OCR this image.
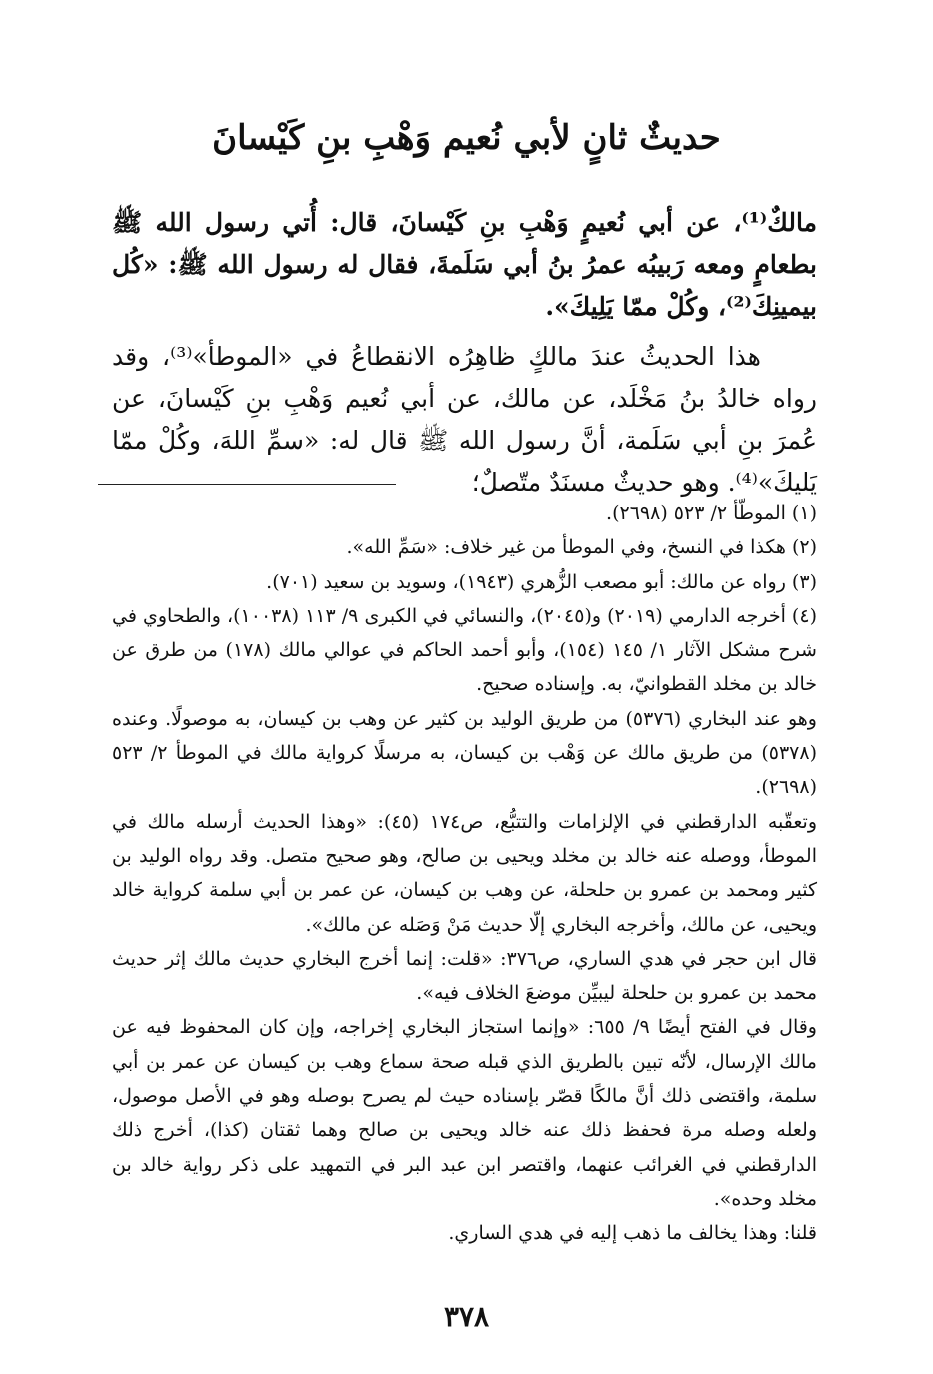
حديثٌ ثانٍ لأبي نُعيم وَهْبِ بنِ كَيْسانَ

مالكٌ⁽¹⁾، عن أبي نُعيمٍ وَهْبِ بنِ كَيْسانَ، قال: أُتي رسول الله ﷺ بطعامٍ ومعه رَبيبُه عمرُ بنُ أبي سَلَمةَ، فقال له رسول الله ﷺ: «كُل بيمينِكَ⁽²⁾، وكُلْ ممّا يَلِيكَ».

هذا الحديثُ عندَ مالكٍ ظاهِرُه الانقطاعُ في «الموطأ»⁽³⁾، وقد رواه خالدُ بنُ مَخْلَد، عن مالك، عن أبي نُعيم وَهْبِ بنِ كَيْسانَ، عن عُمرَ بنِ أبي سَلَمة، أنَّ رسول الله ﷺ قال له: «سمِّ اللهَ، وكُلْ ممّا يَليكَ»⁽⁴⁾. وهو حديثٌ مسنَدٌ متّصلٌ؛

(١) الموطّأ ٢/ ٥٢٣ (٢٦٩٨).

(٢) هكذا في النسخ، وفي الموطأ من غير خلاف: «سَمِّ الله».

(٣) رواه عن مالك: أبو مصعب الزُّهري (١٩٤٣)، وسويد بن سعيد (٧٠١).

(٤) أخرجه الدارمي (٢٠١٩) و(٢٠٤٥)، والنسائي في الكبرى ٩/ ١١٣ (١٠٠٣٨)، والطحاوي في شرح مشكل الآثار ١/ ١٤٥ (١٥٤)، وأبو أحمد الحاكم في عوالي مالك (١٧٨) من طرق عن خالد بن مخلد القطوانيّ، به. وإسناده صحيح.

وهو عند البخاري (٥٣٧٦) من طريق الوليد بن كثير عن وهب بن كيسان، به موصولًا. وعنده (٥٣٧٨) من طريق مالك عن وَهْب بن كيسان، به مرسلًا كرواية مالك في الموطأ ٢/ ٥٢٣ (٢٦٩٨).

وتعقّبه الدارقطني في الإلزامات والتتبُّع، ص١٧٤ (٤٥): «وهذا الحديث أرسله مالك في الموطأ، ووصله عنه خالد بن مخلد ويحيى بن صالح، وهو صحيح متصل. وقد رواه الوليد بن كثير ومحمد بن عمرو بن حلحلة، عن وهب بن كيسان، عن عمر بن أبي سلمة كرواية خالد ويحيى، عن مالك، وأخرجه البخاري إلّا حديث مَنْ وَصَله عن مالك».

قال ابن حجر في هدي الساري، ص٣٧٦: «قلت: إنما أخرج البخاري حديث مالك إثر حديث محمد بن عمرو بن حلحلة ليبيِّن موضعَ الخلاف فيه».

وقال في الفتح أيضًا ٩/ ٦٥٥: «وإنما استجاز البخاري إخراجه، وإن كان المحفوظ فيه عن مالك الإرسال، لأنّه تبين بالطريق الذي قبله صحة سماع وهب بن كيسان عن عمر بن أبي سلمة، واقتضى ذلك أنَّ مالكًا قصّر بإسناده حيث لم يصرح بوصله وهو في الأصل موصول، ولعله وصله مرة فحفظ ذلك عنه خالد ويحيى بن صالح وهما ثقتان (كذا)، أخرج ذلك الدارقطني في الغرائب عنهما، واقتصر ابن عبد البر في التمهيد على ذكر رواية خالد بن مخلد وحده».

قلنا: وهذا يخالف ما ذهب إليه في هدي الساري.

٣٧٨
